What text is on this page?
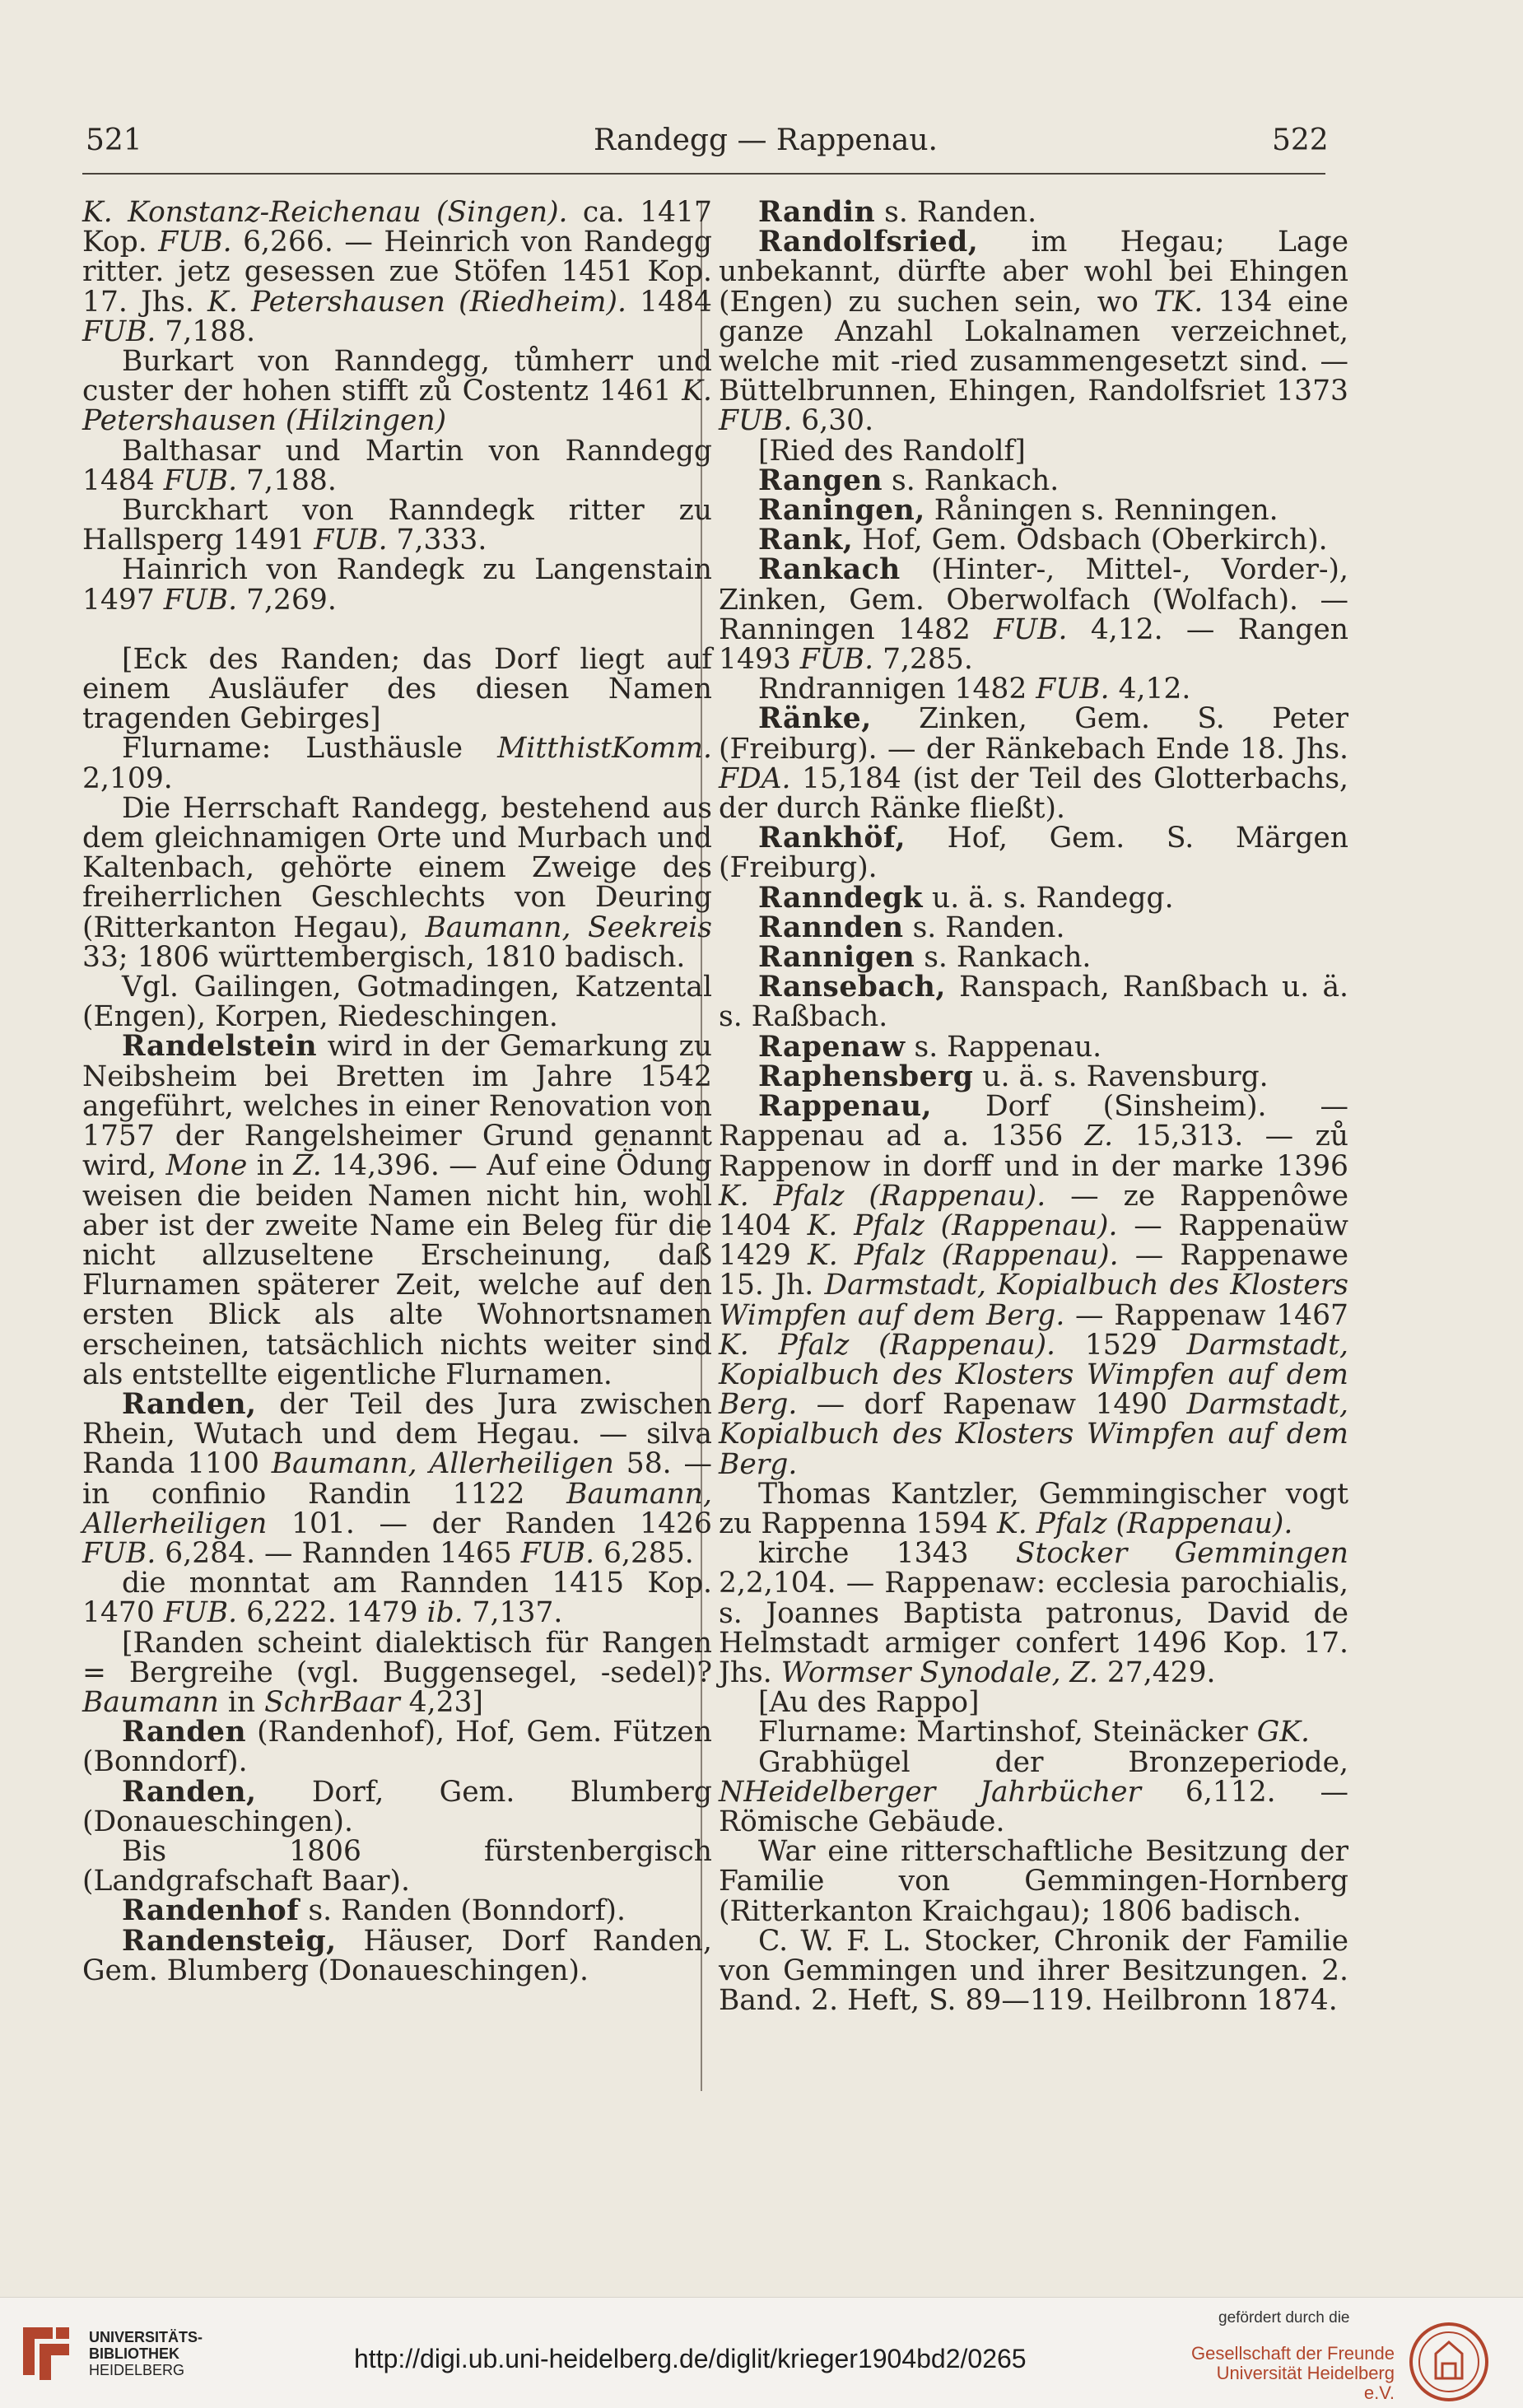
521	Randegg — Rappenau.	522

K. Konstanz-Reichenau (Singen). ca. 1417 Kop. FUB. 6,266. — Heinrich von Randegg ritter. jetz gesessen zue Stöfen 1451 Kop. 17. Jhs. K. Petershausen (Riedheim). 1484 FUB. 7,188.

Burkart von Ranndegg, tůmherr und custer der hohen stifft zů Costentz 1461 K. Petershausen (Hilzingen)

Balthasar und Martin von Ranndegg 1484 FUB. 7,188.

Burckhart von Ranndegk ritter zu Hallsperg 1491 FUB. 7,333.

Hainrich von Randegk zu Langenstain 1497 FUB. 7,269.

[Eck des Randen; das Dorf liegt auf einem Ausläufer des diesen Namen tragenden Gebirges]

Flurname: Lusthäusle MitthistKomm. 2,109.

Die Herrschaft Randegg, bestehend aus dem gleichnamigen Orte und Murbach und Kaltenbach, gehörte einem Zweige des freiherrlichen Geschlechts von Deuring (Ritterkanton Hegau), Baumann, Seekreis 33; 1806 württembergisch, 1810 badisch.

Vgl. Gailingen, Gotmadingen, Katzental (Engen), Korpen, Riedeschingen.

Randelstein wird in der Gemarkung zu Neibsheim bei Bretten im Jahre 1542 angeführt, welches in einer Renovation von 1757 der Rangelsheimer Grund genannt wird, Mone in Z. 14,396. — Auf eine Ödung weisen die beiden Namen nicht hin, wohl aber ist der zweite Name ein Beleg für die nicht allzuseltene Erscheinung, daß Flurnamen späterer Zeit, welche auf den ersten Blick als alte Wohnortsnamen erscheinen, tatsächlich nichts weiter sind als entstellte eigentliche Flurnamen.

Randen, der Teil des Jura zwischen Rhein, Wutach und dem Hegau. — silva Randa 1100 Baumann, Allerheiligen 58. — in confinio Randin 1122 Baumann, Allerheiligen 101. — der Randen 1426 FUB. 6,284. — Rannden 1465 FUB. 6,285.

die monntat am Rannden 1415 Kop. 1470 FUB. 6,222. 1479 ib. 7,137.

[Randen scheint dialektisch für Rangen = Bergreihe (vgl. Buggensegel, -sedel)? Baumann in SchrBaar 4,23]

Randen (Randenhof), Hof, Gem. Fützen (Bonndorf).

Randen, Dorf, Gem. Blumberg (Donaueschingen).

Bis 1806 fürstenbergisch (Landgrafschaft Baar).

Randenhof s. Randen (Bonndorf).

Randensteig, Häuser, Dorf Randen, Gem. Blumberg (Donaueschingen).

Randin s. Randen.

Randolfsried, im Hegau; Lage unbekannt, dürfte aber wohl bei Ehingen (Engen) zu suchen sein, wo TK. 134 eine ganze Anzahl Lokalnamen verzeichnet, welche mit -ried zusammengesetzt sind. — Büttelbrunnen, Ehingen, Randolfsriet 1373 FUB. 6,30.

[Ried des Randolf]

Rangen s. Rankach.

Raningen, Råningen s. Renningen.

Rank, Hof, Gem. Ödsbach (Oberkirch).

Rankach (Hinter-, Mittel-, Vorder-), Zinken, Gem. Oberwolfach (Wolfach). — Ranningen 1482 FUB. 4,12. — Rangen 1493 FUB. 7,285.

Rndrannigen 1482 FUB. 4,12.

Ränke, Zinken, Gem. S. Peter (Freiburg). — der Ränkebach Ende 18. Jhs. FDA. 15,184 (ist der Teil des Glotterbachs, der durch Ränke fließt).

Rankhöf, Hof, Gem. S. Märgen (Freiburg).

Ranndegk u. ä. s. Randegg.

Rannden s. Randen.

Rannigen s. Rankach.

Ransebach, Ranspach, Ranßbach u. ä. s. Raßbach.

Rapenaw s. Rappenau.

Raphensberg u. ä. s. Ravensburg.

Rappenau, Dorf (Sinsheim). — Rappenau ad a. 1356 Z. 15,313. — zů Rappenow in dorff und in der marke 1396 K. Pfalz (Rappenau). — ze Rappenôwe 1404 K. Pfalz (Rappenau). — Rappenaüw 1429 K. Pfalz (Rappenau). — Rappenawe 15. Jh. Darmstadt, Kopialbuch des Klosters Wimpfen auf dem Berg. — Rappenaw 1467 K. Pfalz (Rappenau). 1529 Darmstadt, Kopialbuch des Klosters Wimpfen auf dem Berg. — dorf Rapenaw 1490 Darmstadt, Kopialbuch des Klosters Wimpfen auf dem Berg.

Thomas Kantzler, Gemmingischer vogt zu Rappenna 1594 K. Pfalz (Rappenau).

kirche 1343 Stocker Gemmingen 2,2,104. — Rappenaw: ecclesia parochialis, s. Joannes Baptista patronus, David de Helmstadt armiger confert 1496 Kop. 17. Jhs. Wormser Synodale, Z. 27,429.

[Au des Rappo]

Flurname: Martinshof, Steinäcker GK.

Grabhügel der Bronzeperiode, NHeidelberger Jahrbücher 6,112. — Römische Gebäude.

War eine ritterschaftliche Besitzung der Familie von Gemmingen-Hornberg (Ritterkanton Kraichgau); 1806 badisch.

C. W. F. L. Stocker, Chronik der Familie von Gemmingen und ihrer Besitzungen. 2. Band. 2. Heft, S. 89—119. Heilbronn 1874.

UNIVERSITÄTS-
BIBLIOTHEK
HEIDELBERG	http://digi.ub.uni-heidelberg.de/diglit/krieger1904bd2/0265
gefördert durch die
Gesellschaft der Freunde
Universität Heidelberg e.V.
